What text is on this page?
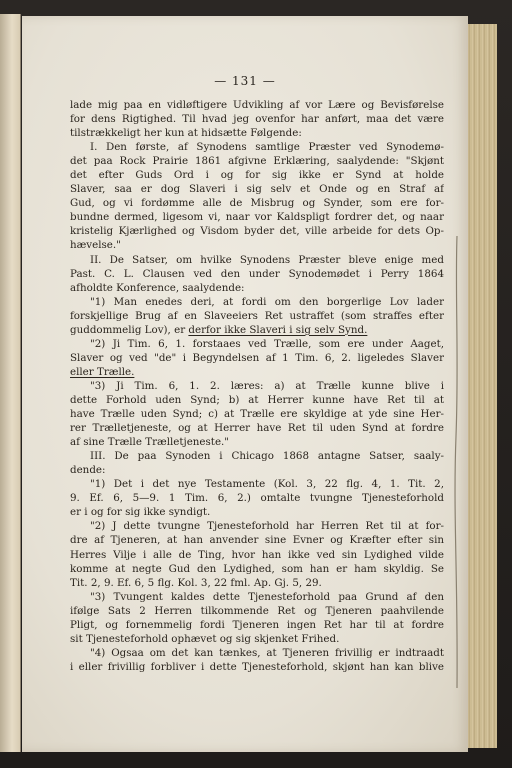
— 131 —
lade mig paa en vidløftigere Udvikling af vor Lære og Bevisførelse
for dens Rigtighed. Til hvad jeg ovenfor har anført, maa det være
tilstrækkeligt her kun at hidsætte Følgende:
I. Den første, af Synodens samtlige Præster ved Synodemø-
det paa Rock Prairie 1861 afgivne Erklæring, saalydende: "Skjønt
det efter Guds Ord i og for sig ikke er Synd at holde
Slaver, saa er dog Slaveri i sig selv et Onde og en Straf af
Gud, og vi fordømme alle de Misbrug og Synder, som ere for-
bundne dermed, ligesom vi, naar vor Kaldspligt fordrer det, og naar
kristelig Kjærlighed og Visdom byder det, ville arbeide for dets Op-
hævelse."
II. De Satser, om hvilke Synodens Præster bleve enige med
Past. C. L. Clausen ved den under Synodemødet i Perry 1864
afholdte Konference, saalydende:
"1) Man enedes deri, at fordi om den borgerlige Lov lader
forskjellige Brug af en Slaveeiers Ret ustraffet (som straffes efter
guddommelig Lov), er derfor ikke Slaveri i sig selv Synd.
"2) Ji Tim. 6, 1. forstaaes ved Trælle, som ere under Aaget,
Slaver og ved "de" i Begyndelsen af 1 Tim. 6, 2. ligeledes Slaver
eller Trælle.
"3) Ji Tim. 6, 1. 2. læres: a) at Trælle kunne blive i
dette Forhold uden Synd; b) at Herrer kunne have Ret til at
have Trælle uden Synd; c) at Trælle ere skyldige at yde sine Her-
rer Trælletjeneste, og at Herrer have Ret til uden Synd at fordre
af sine Trælle Trælletjeneste."
III. De paa Synoden i Chicago 1868 antagne Satser, saaly-
dende:
"1) Det i det nye Testamente (Kol. 3, 22 flg. 4, 1. Tit. 2,
9. Ef. 6, 5—9. 1 Tim. 6, 2.) omtalte tvungne Tjenesteforhold
er i og for sig ikke syndigt.
"2) J dette tvungne Tjenesteforhold har Herren Ret til at for-
dre af Tjeneren, at han anvender sine Evner og Kræfter efter sin
Herres Vilje i alle de Ting, hvor han ikke ved sin Lydighed vilde
komme at negte Gud den Lydighed, som han er ham skyldig. Se
Tit. 2, 9. Ef. 6, 5 flg. Kol. 3, 22 fml. Ap. Gj. 5, 29.
"3) Tvungent kaldes dette Tjenesteforhold paa Grund af den
ifølge Sats 2 Herren tilkommende Ret og Tjeneren paahvilende
Pligt, og fornemmelig fordi Tjeneren ingen Ret har til at fordre
sit Tjenesteforhold ophævet og sig skjenket Frihed.
"4) Ogsaa om det kan tænkes, at Tjeneren frivillig er indtraadt
i eller frivillig forbliver i dette Tjenesteforhold, skjønt han kan blive
